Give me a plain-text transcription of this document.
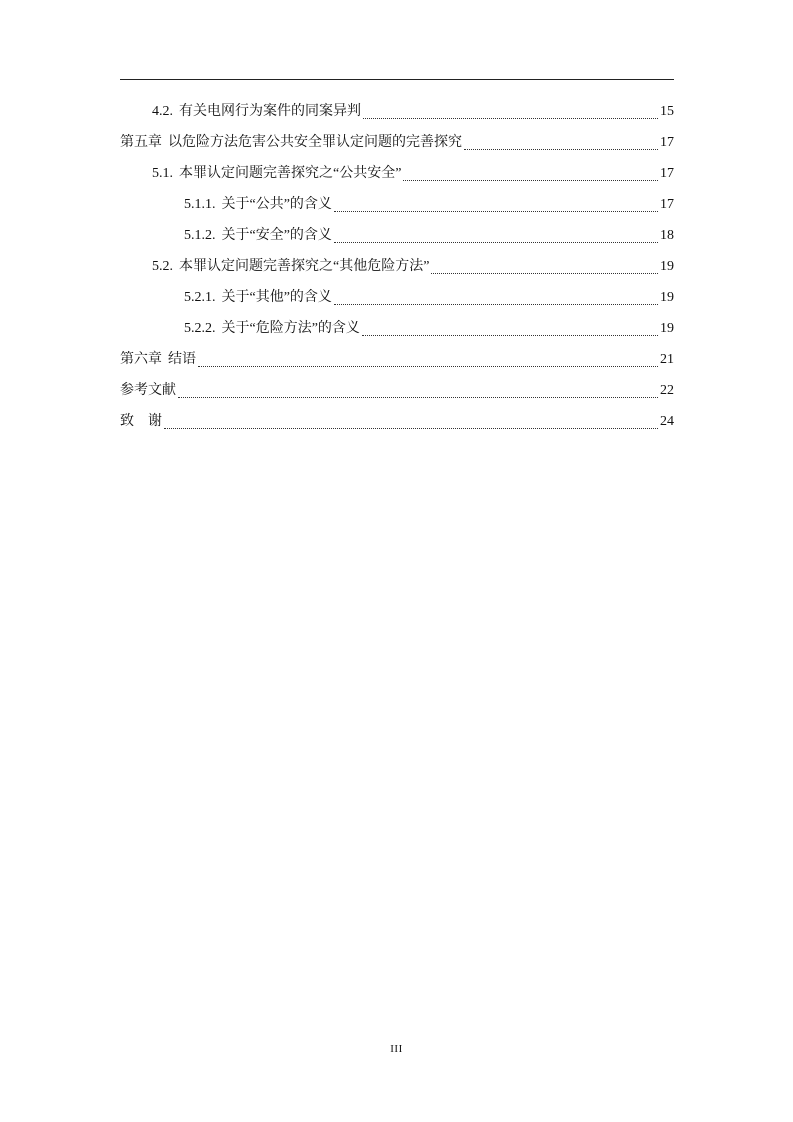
4.2. 有关电网行为案件的同案异判	15
第五章 以危险方法危害公共安全罪认定问题的完善探究	17
5.1. 本罪认定问题完善探究之“公共安全”	17
5.1.1. 关于“公共”的含义	17
5.1.2. 关于“安全”的含义	18
5.2. 本罪认定问题完善探究之“其他危险方法”	19
5.2.1. 关于“其他”的含义	19
5.2.2. 关于“危险方法”的含义	19
第六章 结语	21
参考文献	22
致　谢	24
III
